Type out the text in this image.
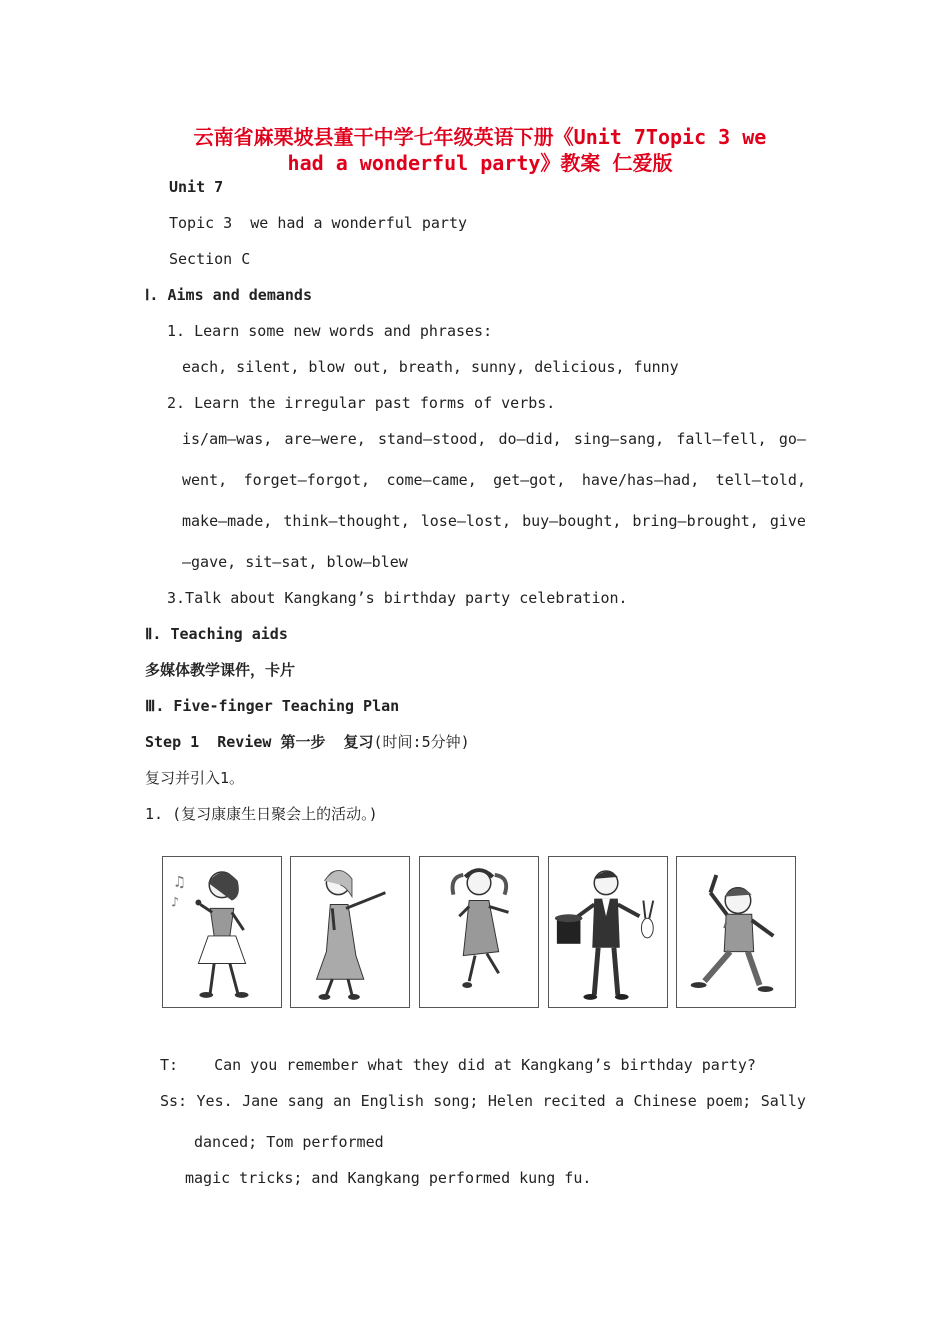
云南省麻栗坡县董干中学七年级英语下册《Unit 7Topic 3 we
had a wonderful party》教案 仁爱版
Unit 7
Topic 3  we had a wonderful party
Section C
Ⅰ. Aims and demands
1. Learn some new words and phrases:
each, silent, blow out, breath, sunny, delicious, funny
2. Learn the irregular past forms of verbs.
is/am—was, are—were, stand—stood, do—did, sing—sang, fall—fell, go—
went, forget—forgot, come—came, get—got, have/has—had, tell—told,
make—made, think—thought, lose—lost, buy—bought, bring—brought, give
—gave, sit—sat, blow—blew
3.Talk about Kangkang’s birthday party celebration.
Ⅱ. Teaching aids
多媒体教学课件，卡片
Ⅲ. Five-finger Teaching Plan
Step 1  Review 第一步  复习(时间:5分钟)
复习并引入1。
1. (复习康康生日聚会上的活动。)
♫
♪
T: Can you remember what they did at Kangkang’s birthday party?
Ss: Yes. Jane sang an English song; Helen recited a Chinese poem; Sally
danced; Tom performed
magic tricks; and Kangkang performed kung fu.
